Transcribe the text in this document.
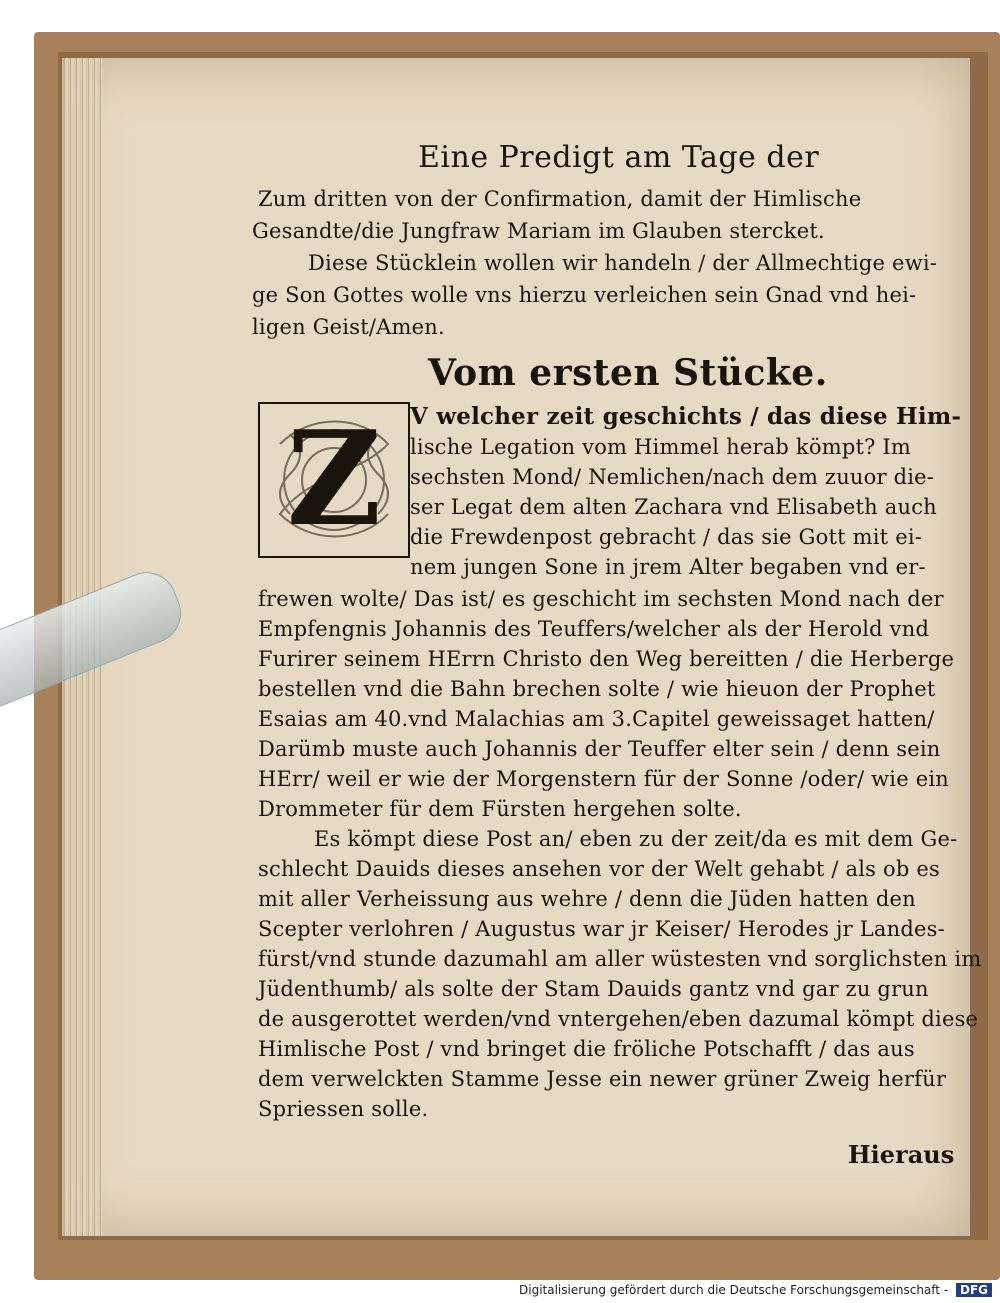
Eine Predigt am Tage der
Zum dritten von der Confirmation, damit der Himlische
Gesandte/die Jungfraw Mariam im Glauben stercket.
Diese Stücklein wollen wir handeln / der Allmechtige ewi-
ge Son Gottes wolle vns hierzu verleichen sein Gnad vnd hei-
ligen Geist/Amen.
Vom ersten Stücke.
Z	V welcher zeit geschichts / das diese Him-
lische Legation vom Himmel herab kömpt? Im
sechsten Mond/ Nemlichen/nach dem zuuor die-
ser Legat dem alten Zachara vnd Elisabeth auch
die Frewdenpost gebracht / das sie Gott mit ei-
nem jungen Sone in jrem Alter begaben vnd er-
frewen wolte/ Das ist/ es geschicht im sechsten Mond nach der
Empfengnis Johannis des Teuffers/welcher als der Herold vnd
Furirer seinem HErrn Christo den Weg bereitten / die Herberge
bestellen vnd die Bahn brechen solte / wie hieuon der Prophet
Esaias am 40.vnd Malachias am 3.Capitel geweissaget hatten/
Darümb muste auch Johannis der Teuffer elter sein / denn sein
HErr/ weil er wie der Morgenstern für der Sonne /oder/ wie ein
Drommeter für dem Fürsten hergehen solte.
Es kömpt diese Post an/ eben zu der zeit/da es mit dem Ge-
schlecht Dauids dieses ansehen vor der Welt gehabt / als ob es
mit aller Verheissung aus wehre / denn die Jüden hatten den
Scepter verlohren / Augustus war jr Keiser/ Herodes jr Landes-
fürst/vnd stunde dazumahl am aller wüstesten vnd sorglichsten im
Jüdenthumb/ als solte der Stam Dauids gantz vnd gar zu grun
de ausgerottet werden/vnd vntergehen/eben dazumal kömpt diese
Himlische Post / vnd bringet die fröliche Potschafft / das aus
dem verwelckten Stamme Jesse ein newer grüner Zweig herfür
Spriessen solle.
Hieraus
Digitalisierung gefördert durch die Deutsche Forschungsgemeinschaft - DFG
